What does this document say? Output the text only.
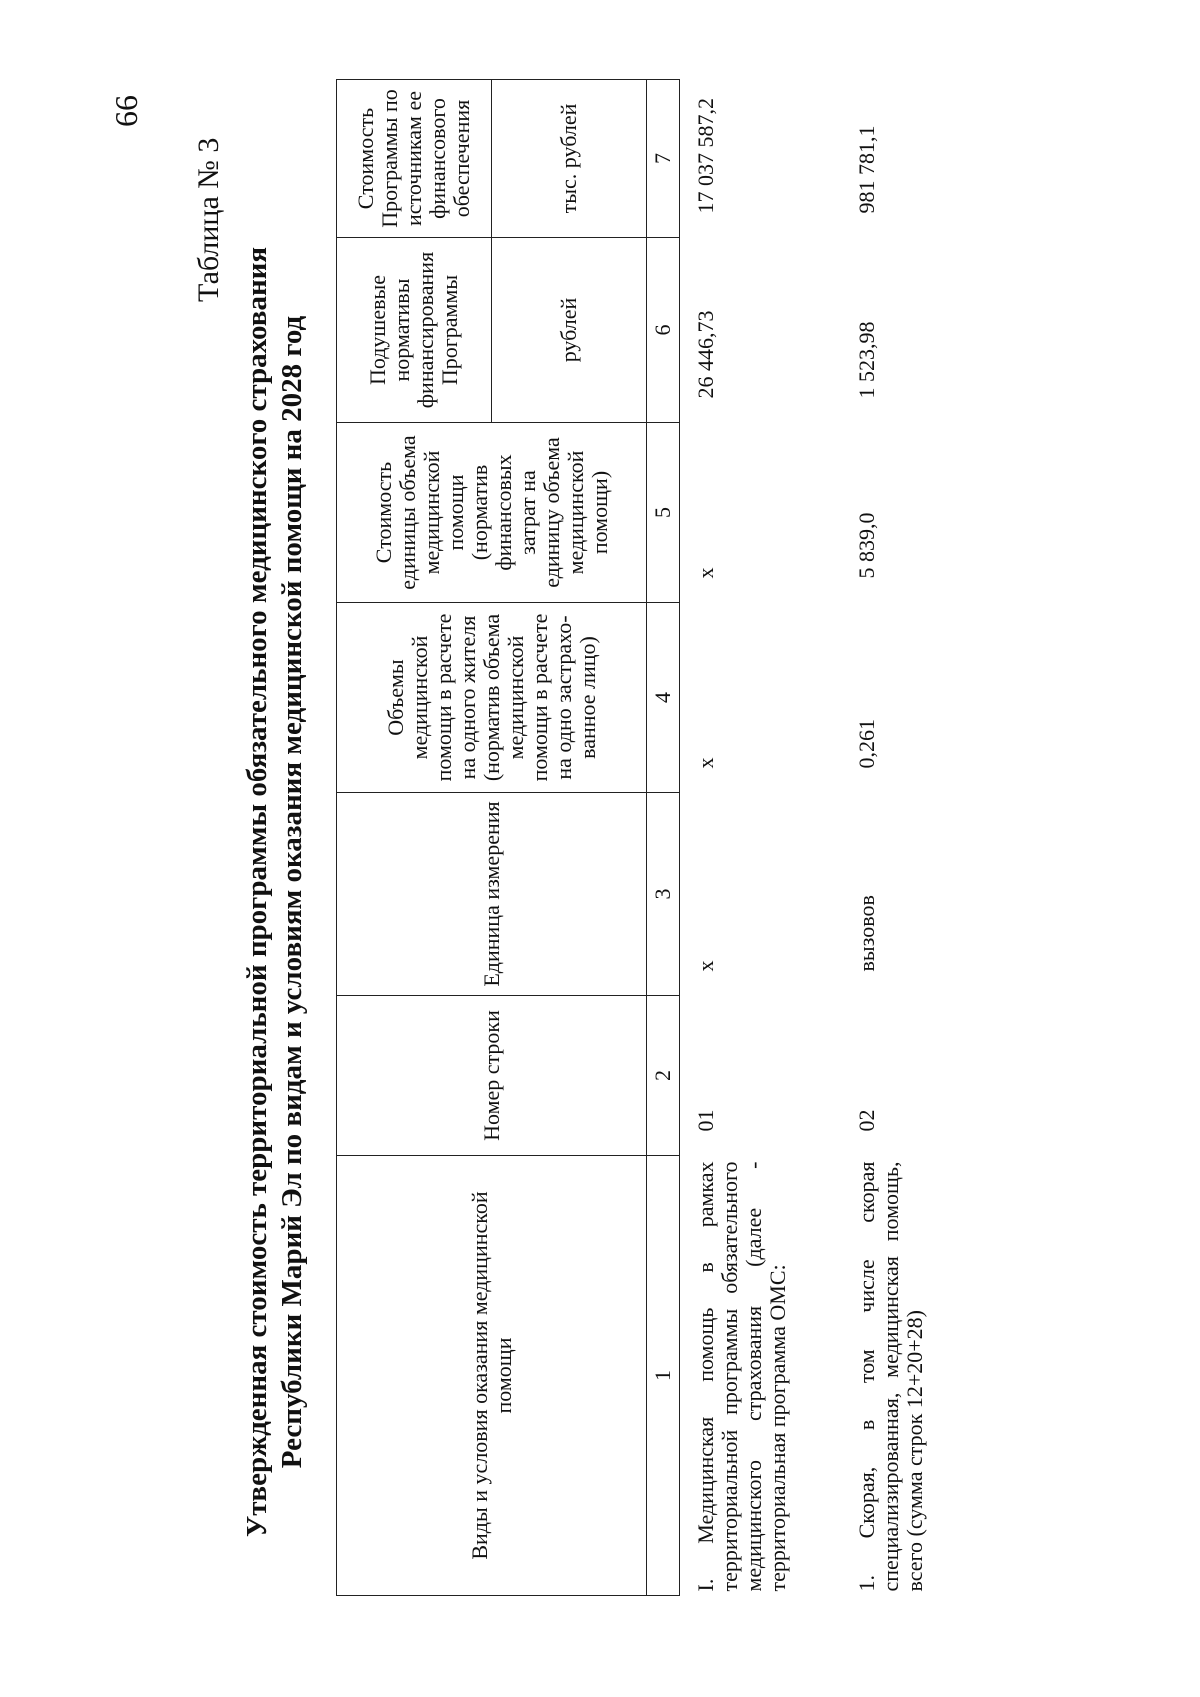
66
Таблица № 3
Утвержденная стоимость территориальной программы обязательного медицинского страхования Республики Марий Эл по видам и условиям оказания медицинской помощи на 2028 год	Виды и условия оказания медицинской помощи	Номер строки	Единица измерения	Объемы медицинской помощи в расчете на одного жителя (норматив объема медицинской помощи в расчете на одно застрахо-ванное лицо)	Стоимость единицы объема медицинской помощи (норматив финансовых затрат на единицу объема медицинской помощи)	Подушевые нормативы финансирования Программы	Стоимость Программы по источникам ее финансового обеспечения
					рублей	тыс. рублей
1	2	3	4	5	6	7
I. Медицинская помощь в рамках территориальной программы обязательного медицинского страхования (далее - территориальная программа ОМС:	01	х	х	х	26 446,73	17 037 587,2
1. Скорая, в том числе скорая специализированная, медицинская помощь, всего (сумма строк 12+20+28)	02	вызовов	0,261	5 839,0	1 523,98	981 781,1
